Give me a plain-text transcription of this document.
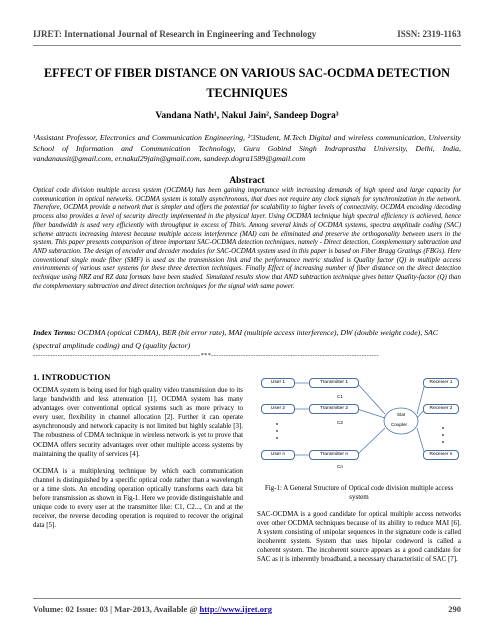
IJRET: International Journal of Research in Engineering and Technology	ISSN: 2319-1163
EFFECT OF FIBER DISTANCE ON VARIOUS SAC-OCDMA DETECTION
TECHNIQUES
Vandana Nath¹, Nakul Jain², Sandeep Dogra³
¹Assistant Professor, Electronics and Communication Engineering, ²ʹ3Student, M.Tech Digital and wireless communication, University School of Information and Communication Technology, Guru Gobind Singh Indraprastha University, Delhi, India, vandanausit@gmail.com, er.nakul29jain@gmail.com, sandeep.dogra1589@gmail.com
Abstract
Optical code division multiple access system (OCDMA) has been gaining importance with increasing demands of high speed and large capacity for communication in optical networks. OCDMA system is totally asynchronous, that does not require any clock signals for synchronization in the network. Therefore, OCDMA provide a network that is simpler and offers the potential for scalability to higher levels of connectivity. OCDMA encoding /decoding process also provides a level of security directly implemented in the physical layer. Using OCDMA technique high spectral efficiency is achieved, hence fiber bandwidth is used very efficiently with throughput in excess of Tbit/s. Among several kinds of OCDMA systems, spectra amplitude coding (SAC) scheme attracts increasing interest because multiple access interference (MAI) can be eliminated and preserve the orthogonality between users in the system. This paper presents comparison of three important SAC-OCDMA detection techniques, namely - Direct detection, Complementary subtraction and AND subtraction. The design of encoder and decoder modules for SAC-OCDMA system used in this paper is based on Fiber Bragg Gratings (FBGs). Here conventional single mode fiber (SMF) is used as the transmission link and the performance metric studied is Quality factor (Q) in multiple access environments of various user systems for these three detection techniques. Finally Effect of increasing number of fiber distance on the direct detection technique using NRZ and RZ data formats have been studied. Simulated results show that AND subtraction technique gives better Quality-factor (Q) than the complementary subtraction and direct detection techniques for the signal with same power.
Index Terms: OCDMA (optical CDMA), BER (bit error rate), MAI (multiple access interference), DW (double weight code), SAC (spectral amplitude coding) and Q (quality factor)
--------------------------------------------------------------------***--------------------------------------------------------------------
1. INTRODUCTION

OCDMA system is being used for high quality video transmission due to its large bandwidth and less attenuation [1]. OCDMA system has many advantages over conventional optical systems such as more privacy to every user, flexibility in channel allocation [2]. Further it can operate asynchronously and network capacity is not limited but highly scalable [3]. The robustness of CDMA technique in wireless network is yet to prove that OCDMA offers security advantages over other multiple access systems by maintaining the quality of services [4].

OCDMA is a multiplexing technique by which each communication channel is distinguished by a specific optical code rather than a wavelength or a time slots. An encoding operation optically transforms each data bit before transmission as shown in Fig-1. Here we provide distinguishable and unique code to every user at the transmitter like: C1, C2..., Cn and at the receiver, the reverse decoding operation is required to recover the original data [5].

User 1
User 2
User n
Transmitter 1
Transmitter 2
Transmitter n
C1
C2
Cn
Star
Coupler
Receiver 1
Receiver 2
Receiver n
Fig-1: A General Structure of Optical code division multiple access system

SAC-OCDMA is a good candidate for optical multiple access networks over other OCDMA techniques because of its ability to reduce MAI [6]. A system consisting of unipolar sequences in the signature code is called incoherent system. System that uses bipolar codeword is called a coherent system. The incoherent source appears as a good candidate for SAC as it is inherently broadband, a necessary characteristic of SAC [7].

Volume: 02 Issue: 03 | Mar-2013, Available @ http://www.ijret.org	290
